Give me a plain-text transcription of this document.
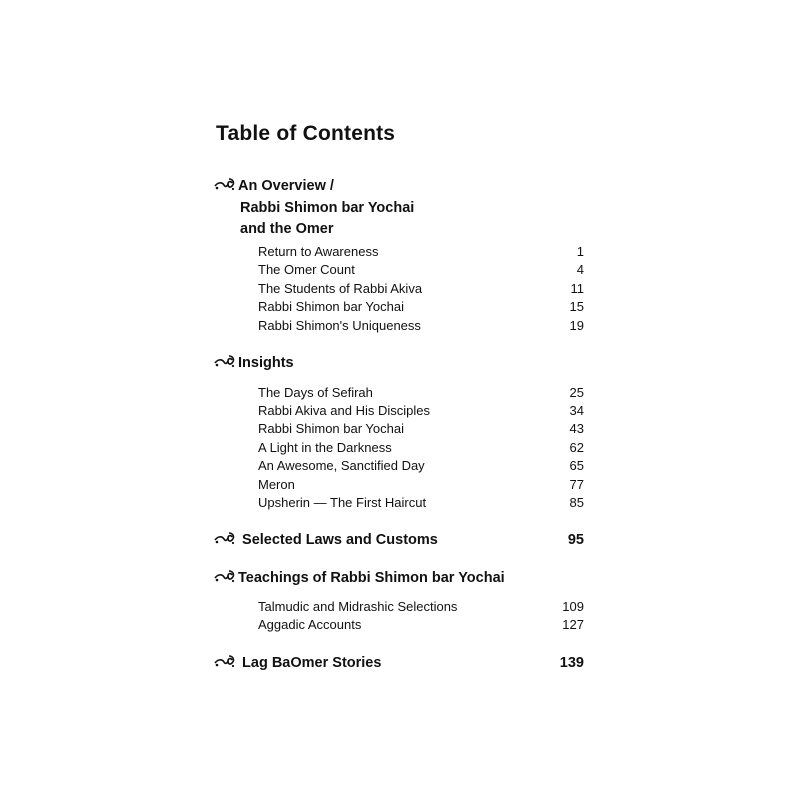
Table of Contents
An Overview /
Rabbi Shimon bar Yochai
and the Omer
Return to Awareness	1
The Omer Count	4
The Students of Rabbi Akiva	11
Rabbi Shimon bar Yochai	15
Rabbi Shimon's Uniqueness	19
Insights
The Days of Sefirah	25
Rabbi Akiva and His Disciples	34
Rabbi Shimon bar Yochai	43
A Light in the Darkness	62
An Awesome, Sanctified Day	65
Meron	77
Upsherin — The First Haircut	85
Selected Laws and Customs	95
Teachings of Rabbi Shimon bar Yochai
Talmudic and Midrashic Selections	109
Aggadic Accounts	127
Lag BaOmer Stories	139
